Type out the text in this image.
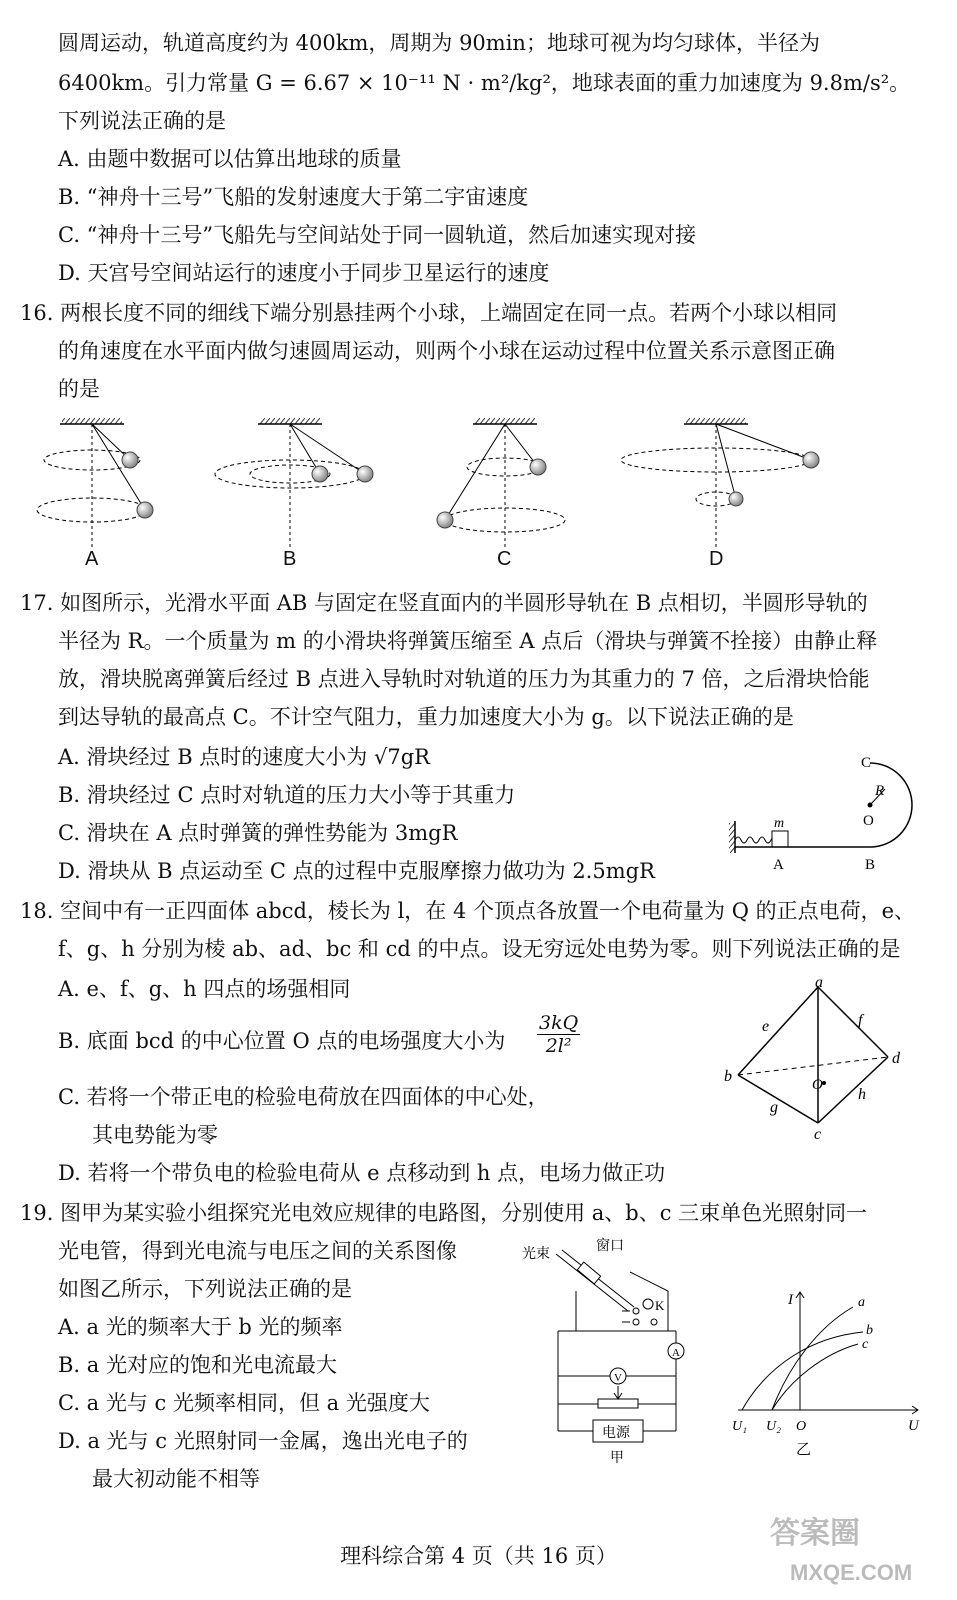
圆周运动，轨道高度约为 400km，周期为 90min；地球可视为均匀球体，半径为
6400km。引力常量 G = 6.67 × 10⁻¹¹ N · m²/kg²，地球表面的重力加速度为 9.8m/s²。
下列说法正确的是
A. 由题中数据可以估算出地球的质量
B. “神舟十三号”飞船的发射速度大于第二宇宙速度
C. “神舟十三号”飞船先与空间站处于同一圆轨道，然后加速实现对接
D. 天宫号空间站运行的速度小于同步卫星运行的速度
16. 两根长度不同的细线下端分别悬挂两个小球，上端固定在同一点。若两个小球以相同
的角速度在水平面内做匀速圆周运动，则两个小球在运动过程中位置关系示意图正确
的是
A	B	C	D
17. 如图所示，光滑水平面 AB 与固定在竖直面内的半圆形导轨在 B 点相切，半圆形导轨的
半径为 R。一个质量为 m 的小滑块将弹簧压缩至 A 点后（滑块与弹簧不拴接）由静止释
放，滑块脱离弹簧后经过 B 点进入导轨时对轨道的压力为其重力的 7 倍，之后滑块恰能
到达导轨的最高点 C。不计空气阻力，重力加速度大小为 g。以下说法正确的是
A. 滑块经过 B 点时的速度大小为 √7gR
B. 滑块经过 C 点时对轨道的压力大小等于其重力
C. 滑块在 A 点时弹簧的弹性势能为 3mgR
D. 滑块从 B 点运动至 C 点的过程中克服摩擦力做功为 2.5mgR
C
R
O
m
A	B
18. 空间中有一正四面体 abcd，棱长为 l，在 4 个顶点各放置一个电荷量为 Q 的正点电荷，e、
f、g、h 分别为棱 ab、ad、bc 和 cd 的中点。设无穷远处电势为零。则下列说法正确的是
A. e、f、g、h 四点的场强相同
B. 底面 bcd 的中心位置 O 点的电场强度大小为 $\frac{3kQ}{\text{2l²}}$
C. 若将一个带正电的检验电荷放在四面体的中心处，
其电势能为零
D. 若将一个带负电的检验电荷从 e 点移动到 h 点，电场力做正功
a
b
c
d
e	f
g
h
O
19. 图甲为某实验小组探究光电效应规律的电路图，分别使用 a、b、c 三束单色光照射同一
光电管，得到光电流与电压之间的关系图像
如图乙所示，下列说法正确的是
A. a 光的频率大于 b 光的频率
B. a 光对应的饱和光电流最大
C. a 光与 c 光频率相同，但 a 光强度大
D. a 光与 c 光照射同一金属，逸出光电子的
最大初动能不相等
光束
窗口
K
A
V
电源
甲
I
U
U₁ U₂ O
a
b
c
乙
理科综合第 4 页（共 16 页）
答案圈
MXQE.COM
